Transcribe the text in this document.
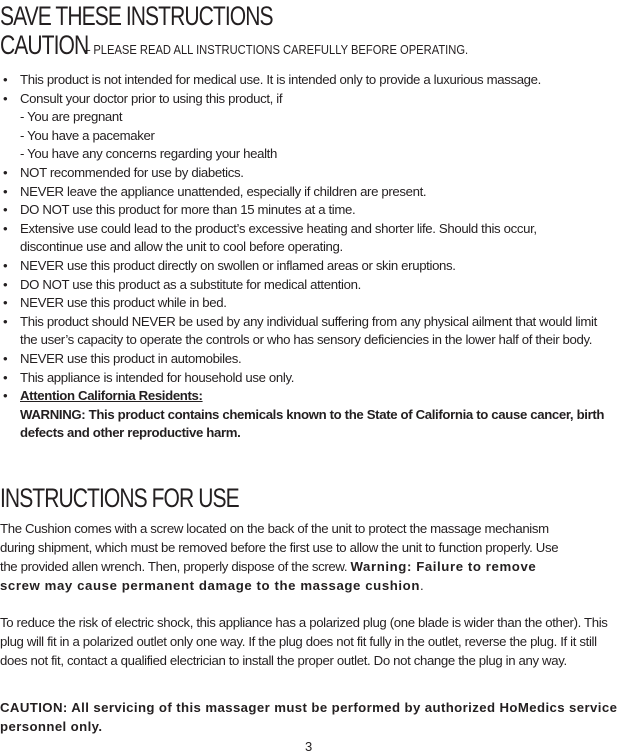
SAVE THESE INSTRUCTIONS
CAUTION– PLEASE READ ALL INSTRUCTIONS CAREFULLY BEFORE OPERATING.
• This product is not intended for medical use. It is intended only to provide a luxurious massage.
• Consult your doctor prior to using this product, if
- You are pregnant
- You have a pacemaker
- You have any concerns regarding your health
• NOT recommended for use by diabetics.
• NEVER leave the appliance unattended, especially if children are present.
• DO NOT use this product for more than 15 minutes at a time.
• Extensive use could lead to the product’s excessive heating and shorter life. Should this occur, discontinue use and allow the unit to cool before operating.
• NEVER use this product directly on swollen or inflamed areas or skin eruptions.
• DO NOT use this product as a substitute for medical attention.
• NEVER use this product while in bed.
• This product should NEVER be used by any individual suffering from any physical ailment that would limit the user’s capacity to operate the controls or who has sensory deficiencies in the lower half of their body.
• NEVER use this product in automobiles.
• This appliance is intended for household use only.
• Attention California Residents:
WARNING: This product contains chemicals known to the State of California to cause cancer, birth defects and other reproductive harm.
INSTRUCTIONS FOR USE

The Cushion comes with a screw located on the back of the unit to protect the massage mechanism during shipment, which must be removed before the first use to allow the unit to function properly. Use the provided allen wrench. Then, properly dispose of the screw. Warning: Failure to remove screw may cause permanent damage to the massage cushion.

To reduce the risk of electric shock, this appliance has a polarized plug (one blade is wider than the other). This plug will fit in a polarized outlet only one way. If the plug does not fit fully in the outlet, reverse the plug. If it still does not fit, contact a qualified electrician to install the proper outlet. Do not change the plug in any way.

CAUTION: All servicing of this massager must be performed by authorized HoMedics service personnel only.

3
